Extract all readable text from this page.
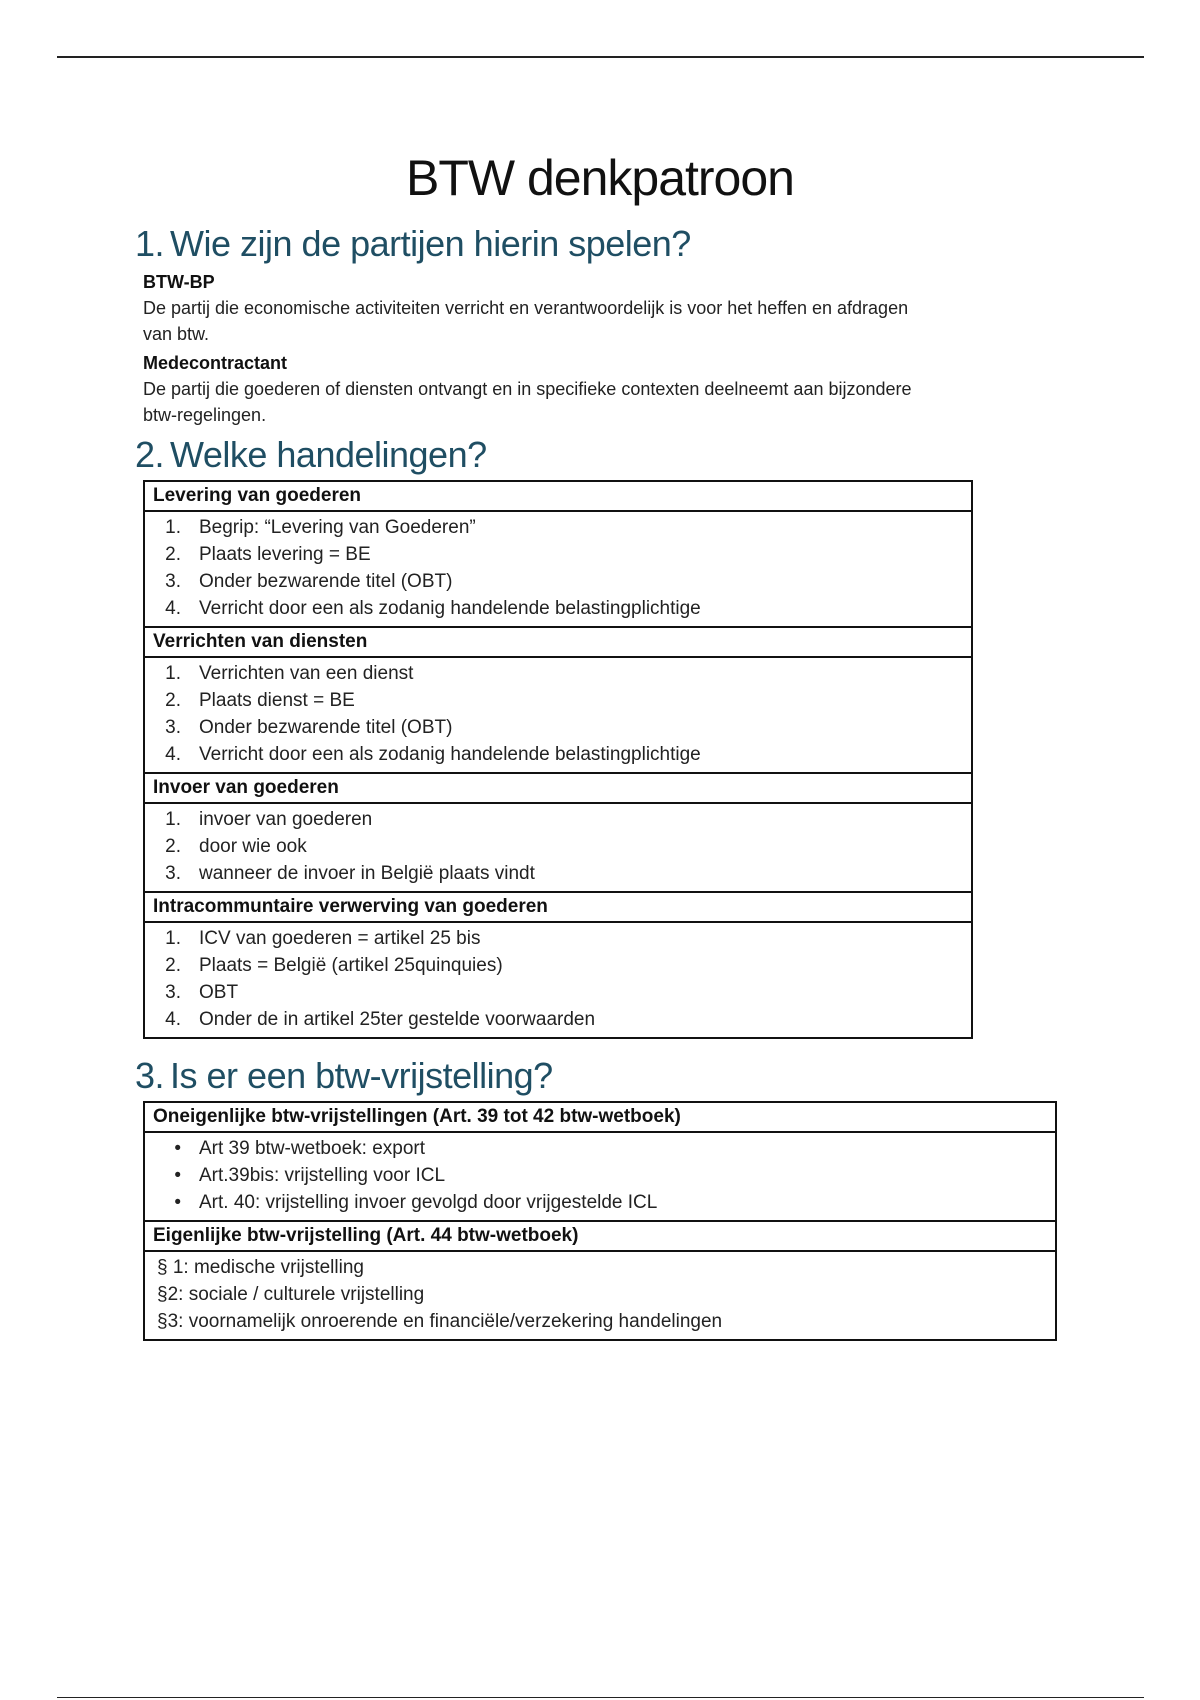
BTW denkpatroon
1. Wie zijn de partijen hierin spelen?
BTW-BP
De partij die economische activiteiten verricht en verantwoordelijk is voor het heffen en afdragen
van btw.
Medecontractant
De partij die goederen of diensten ontvangt en in specifieke contexten deelneemt aan bijzondere
btw-regelingen.
2. Welke handelingen?
Levering van goederen

1. Begrip: “Levering van Goederen”
2. Plaats levering = BE
3. Onder bezwarende titel (OBT)
4. Verricht door een als zodanig handelende belastingplichtige

Verrichten van diensten

1. Verrichten van een dienst
2. Plaats dienst = BE
3. Onder bezwarende titel (OBT)
4. Verricht door een als zodanig handelende belastingplichtige

Invoer van goederen

1. invoer van goederen
2. door wie ook
3. wanneer de invoer in België plaats vindt

Intracommuntaire verwerving van goederen

1. ICV van goederen = artikel 25 bis
2. Plaats = België (artikel 25quinquies)
3. OBT
4. Onder de in artikel 25ter gestelde voorwaarden
3. Is er een btw-vrijstelling?
Oneigenlijke btw-vrijstellingen (Art. 39 tot 42 btw-wetboek)

• Art 39 btw-wetboek: export
• Art.39bis: vrijstelling voor ICL
• Art. 40: vrijstelling invoer gevolgd door vrijgestelde ICL

Eigenlijke btw-vrijstelling (Art. 44 btw-wetboek)

§ 1: medische vrijstelling
§2: sociale / culturele vrijstelling
§3: voornamelijk onroerende en financiële/verzekering handelingen
